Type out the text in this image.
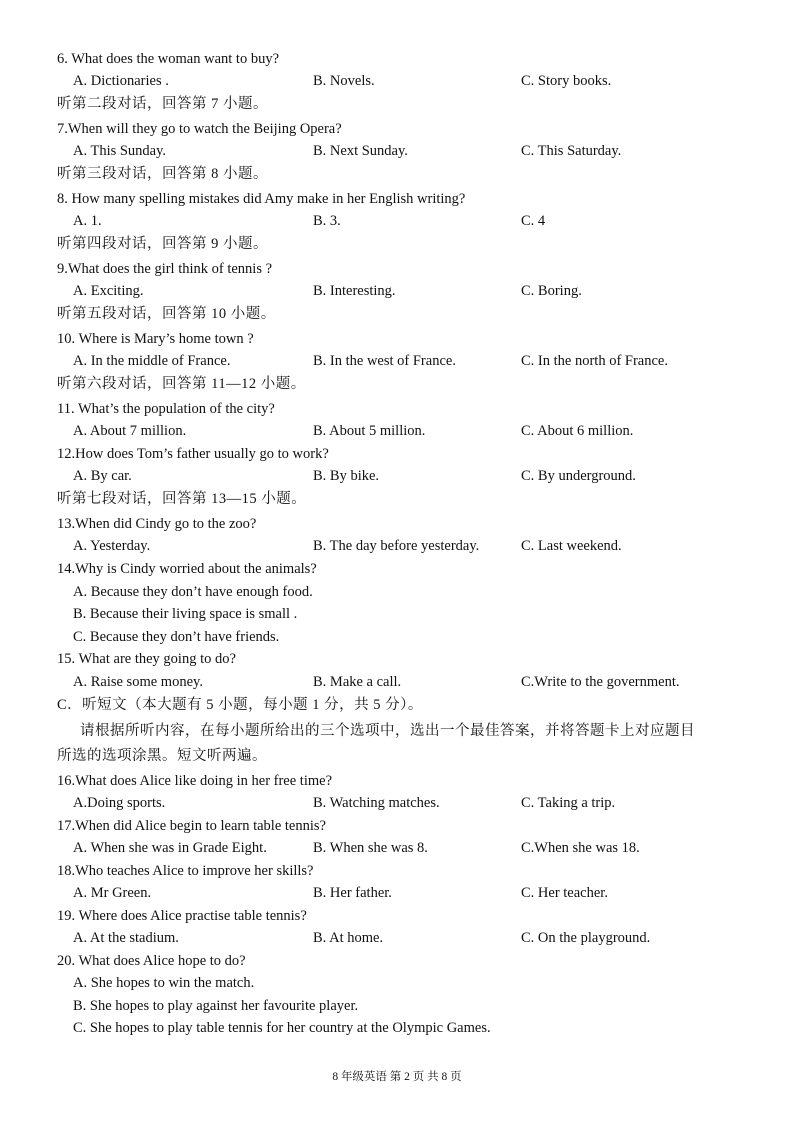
6. What does the woman want to buy?
A. Dictionaries .	B. Novels.	C. Story books.
听第二段对话，回答第 7 小题。
7.When will they go to watch the Beijing Opera?
A. This Sunday.	B. Next Sunday.	C. This Saturday.
听第三段对话，回答第 8 小题。
8. How many spelling mistakes did Amy make in her English writing?
A. 1.	B. 3.	C. 4
听第四段对话，回答第 9 小题。
9.What does the girl think of tennis ?
A. Exciting.	B. Interesting.	C. Boring.
听第五段对话，回答第 10 小题。
10. Where is Mary’s home town ?
A. In the middle of France.	B. In the west of France.	C. In the north of France.
听第六段对话，回答第 11—12 小题。
11. What’s the population of the city?
A. About 7 million.	B. About 5 million.	C. About 6 million.
12.How does Tom’s father usually go to work?
A. By car.	B. By bike.	C. By underground.
听第七段对话，回答第 13—15 小题。
13.When did Cindy go to the zoo?
A. Yesterday.	B. The day before yesterday.	C. Last weekend.
14.Why is Cindy worried about the animals?
A. Because they don’t have enough food.
B. Because their living space is small .
C. Because they don’t have friends.
15. What are they going to do?
A. Raise some money.	B. Make a call.	C.Write to the government.
C．听短文（本大题有 5 小题，每小题 1 分，共 5 分）。
请根据所听内容，在每小题所给出的三个选项中，选出一个最佳答案，并将答题卡上对应题目
所选的选项涂黑。短文听两遍。
16.What does Alice like doing in her free time?
A.Doing sports.	B. Watching matches.	C. Taking a trip.
17.When did Alice begin to learn table tennis?
A. When she was in Grade Eight.	B. When she was 8.	C.When she was 18.
18.Who teaches Alice to improve her skills?
A. Mr Green.	B. Her father.	C. Her teacher.
19. Where does Alice practise table tennis?
A. At the stadium.	B. At home.	C. On the playground.
20. What does Alice hope to do?
A. She hopes to win the match.
B. She hopes to play against her favourite player.
C. She hopes to play table tennis for her country at the Olympic Games.
8 年级英语 第 2 页 共 8 页
